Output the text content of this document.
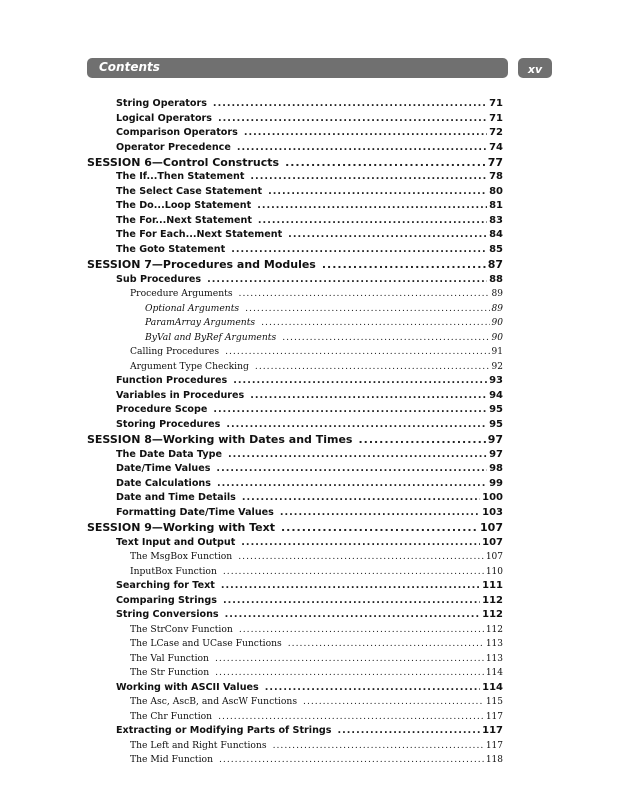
Contents	xv
String Operators .....	71
Logical Operators .....	71
Comparison Operators .....	72
Operator Precedence .....	74
SESSION 6—Control Constructs .....	77
The If...Then Statement .....	78
The Select Case Statement .....	80
The Do...Loop Statement .....	81
The For...Next Statement .....	83
The For Each...Next Statement .....	84
The Goto Statement .....	85
SESSION 7—Procedures and Modules .....	87
Sub Procedures .....	88
Procedure Arguments .....	89
Optional Arguments .....	89
ParamArray Arguments .....	90
ByVal and ByRef Arguments .....	90
Calling Procedures .....	91
Argument Type Checking .....	92
Function Procedures .....	93
Variables in Procedures .....	94
Procedure Scope .....	95
Storing Procedures .....	95
SESSION 8—Working with Dates and Times .....	97
The Date Data Type .....	97
Date/Time Values .....	98
Date Calculations .....	99
Date and Time Details .....	100
Formatting Date/Time Values .....	103
SESSION 9—Working with Text .....	107
Text Input and Output .....	107
The MsgBox Function .....	107
InputBox Function .....	110
Searching for Text .....	111
Comparing Strings .....	112
String Conversions .....	112
The StrConv Function .....	112
The LCase and UCase Functions .....	113
The Val Function .....	113
The Str Function .....	114
Working with ASCII Values .....	114
The Asc, AscB, and AscW Functions .....	115
The Chr Function .....	117
Extracting or Modifying Parts of Strings .....	117
The Left and Right Functions .....	117
The Mid Function .....	118
